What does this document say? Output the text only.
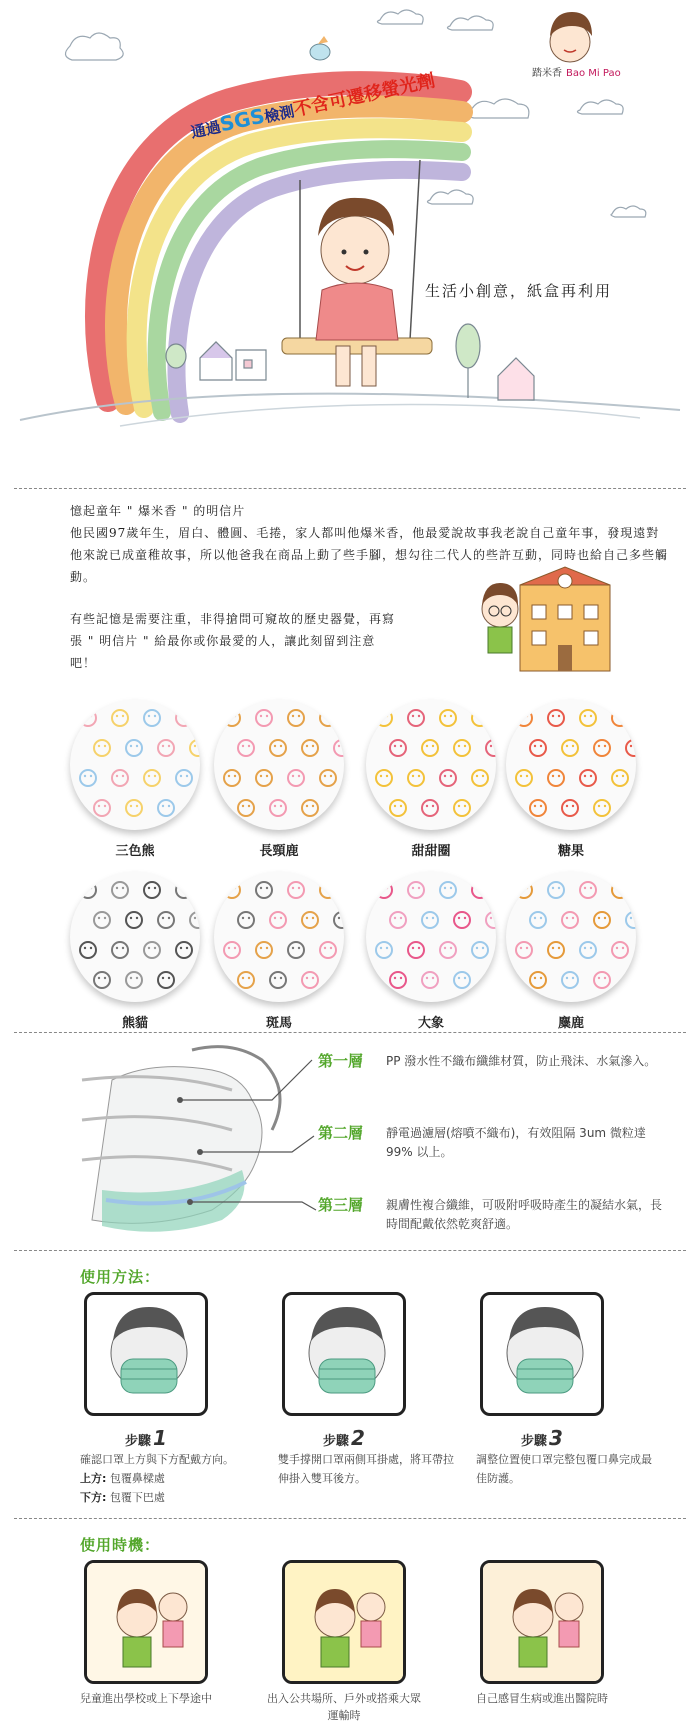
通過SGS檢測不含可遷移螢光劑
生活小創意，紙盒再利用
踏米香 Bao Mi Pao

憶起童年 " 爆米香 " 的明信片

他民國97歲年生，眉白、體圓、毛捲，家人都叫他爆米香，他最愛說故事我老說自己童年事，發現遠對他來說已成童稚故事，所以他爸我在商品上動了些手腳，想勾往二代人的些許互動，同時也給自己多些觸動。

有些記憶是需要注重，非得搶問可窺故的歷史器覺，再寫張 " 明信片 " 給最你或你最愛的人，讓此刻留到注意吧！

三色熊	長頸鹿	甜甜圈	糖果
熊貓	斑馬	大象	麋鹿
第一層 PP 潑水性不織布纖維材質，防止飛沫、水氣滲入。
第二層 靜電過濾層(熔噴不織布)，有效阻隔 3um 微粒達 99% 以上。
第三層 親膚性複合纖維，可吸附呼吸時產生的凝結水氣，長時間配戴依然乾爽舒適。
使用方法：
步驟 1
確認口罩上方與下方配戴方向。
上方: 包覆鼻樑處
下方: 包覆下巴處
步驟 2
雙手撐開口罩兩側耳掛處，將耳帶拉伸掛入雙耳後方。
步驟 3
調整位置使口罩完整包覆口鼻完成最佳防護。
使用時機：
兒童進出學校或上下學途中	出入公共場所、戶外或搭乘大眾運輸時
自己感冒生病或進出醫院時
